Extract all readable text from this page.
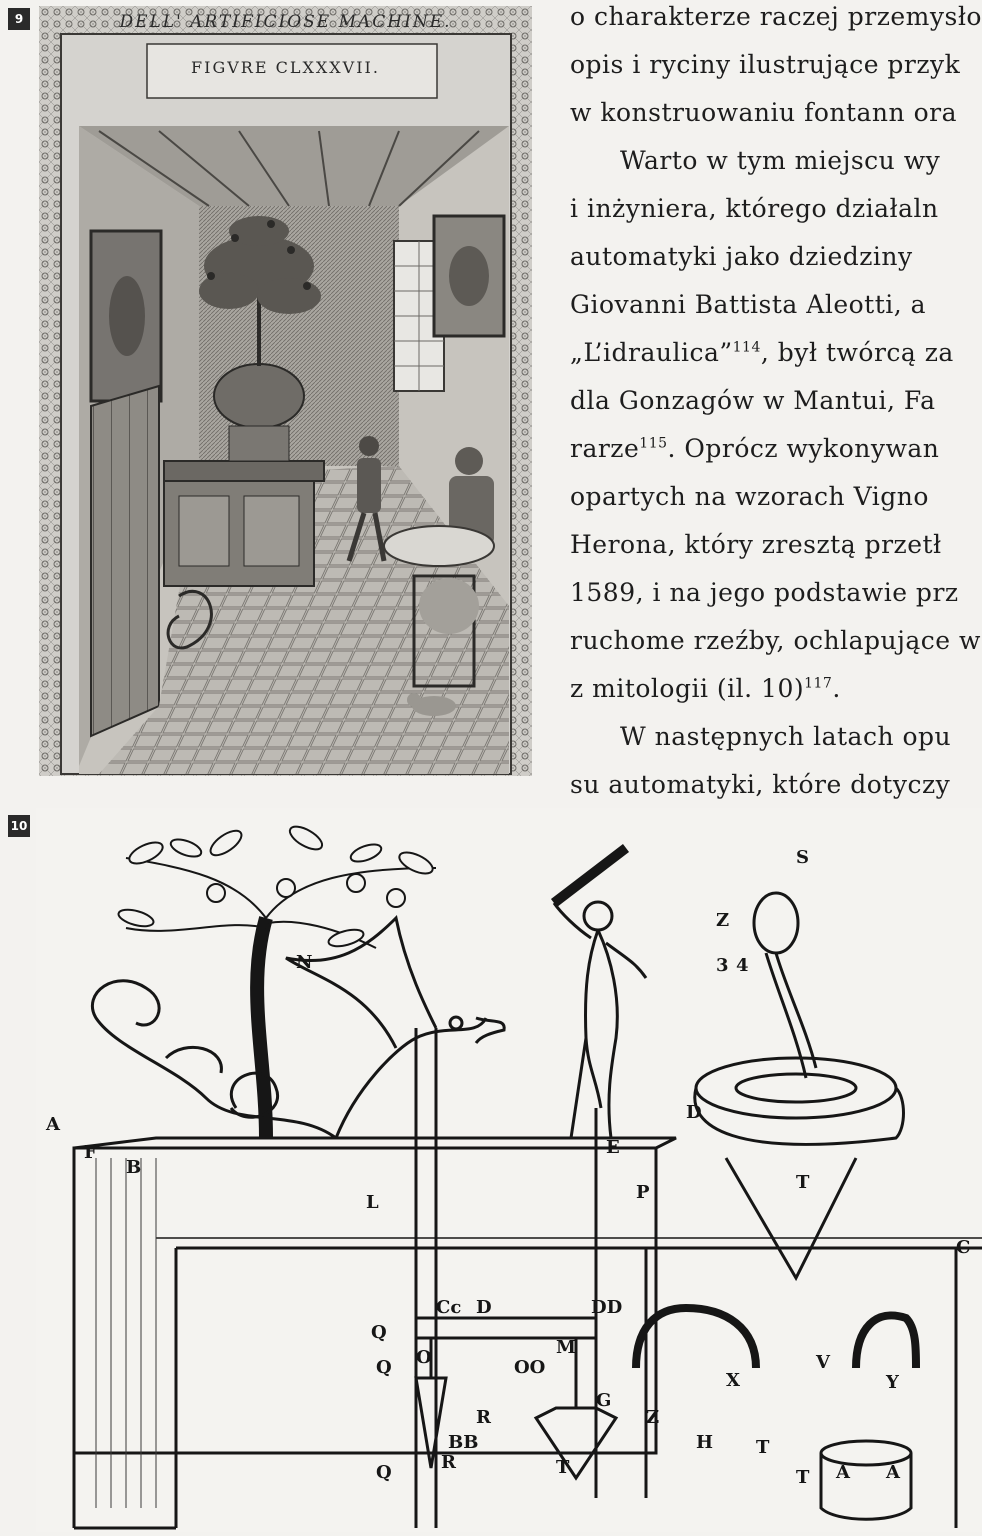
9
10
DELL' ARTIFICIOSE MACHINE.
FIGVRE CLXXXVII.
o charakterze raczej przemysło
opis i ryciny ilustrujące przyk
w konstruowaniu fontann ora
Warto w tym miejscu wy
i inżyniera, którego działaln
automatyki jako dziedziny
Giovanni Battista Aleotti, a
„L’idraulica”$^{114}$, był twórcą za
dla Gonzagów w Mantui, Fa
rarze$^{115}$. Oprócz wykonywan
opartych na wzorach Vigno
Herona, który zresztą przetł
1589, i na jego podstawie prz
ruchome rzeźby, ochlapujące w
z mitologii (il. 10)$^{117}$.
W następnych latach opu
su automatyki, które dotyczy
A
B
C
D
E
F
G
H
L
M
N
O
P
Q
Q
R
S
T
T
V
X	Y
Z
Z
3 4
Cc D	DD
OO
BB
R	T	T A A
Q
